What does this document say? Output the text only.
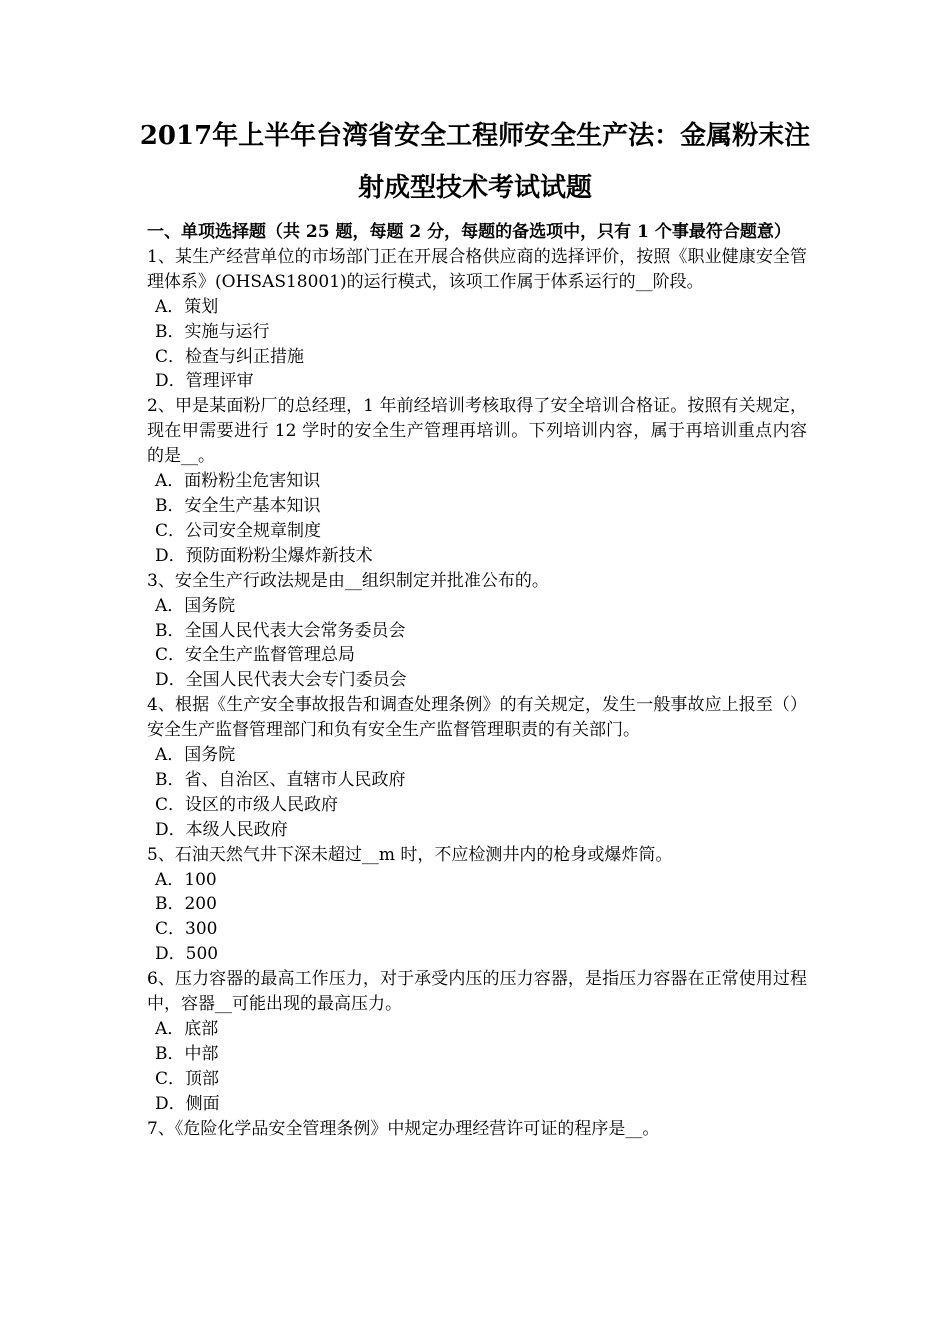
2017年上半年台湾省安全工程师安全生产法：金属粉末注
射成型技术考试试题
一、单项选择题（共 25 题，每题 2 分，每题的备选项中，只有 1 个事最符合题意）
1、某生产经营单位的市场部门正在开展合格供应商的选择评价，按照《职业健康安全管理体系》(OHSAS18001)的运行模式，该项工作属于体系运行的__阶段。
A．策划
B．实施与运行
C．检查与纠正措施
D．管理评审
2、甲是某面粉厂的总经理，1 年前经培训考核取得了安全培训合格证。按照有关规定，现在甲需要进行 12 学时的安全生产管理再培训。下列培训内容，属于再培训重点内容的是__。
A．面粉粉尘危害知识
B．安全生产基本知识
C．公司安全规章制度
D．预防面粉粉尘爆炸新技术
3、安全生产行政法规是由__组织制定并批准公布的。
A．国务院
B．全国人民代表大会常务委员会
C．安全生产监督管理总局
D．全国人民代表大会专门委员会
4、根据《生产安全事故报告和调查处理条例》的有关规定，发生一般事故应上报至（）安全生产监督管理部门和负有安全生产监督管理职责的有关部门。
A．国务院
B．省、自治区、直辖市人民政府
C．设区的市级人民政府
D．本级人民政府
5、石油天然气井下深未超过__m 时，不应检测井内的枪身或爆炸筒。
A．100
B．200
C．300
D．500
6、压力容器的最高工作压力，对于承受内压的压力容器，是指压力容器在正常使用过程中，容器__可能出现的最高压力。
A．底部
B．中部
C．顶部
D．侧面
7、《危险化学品安全管理条例》中规定办理经营许可证的程序是__。
